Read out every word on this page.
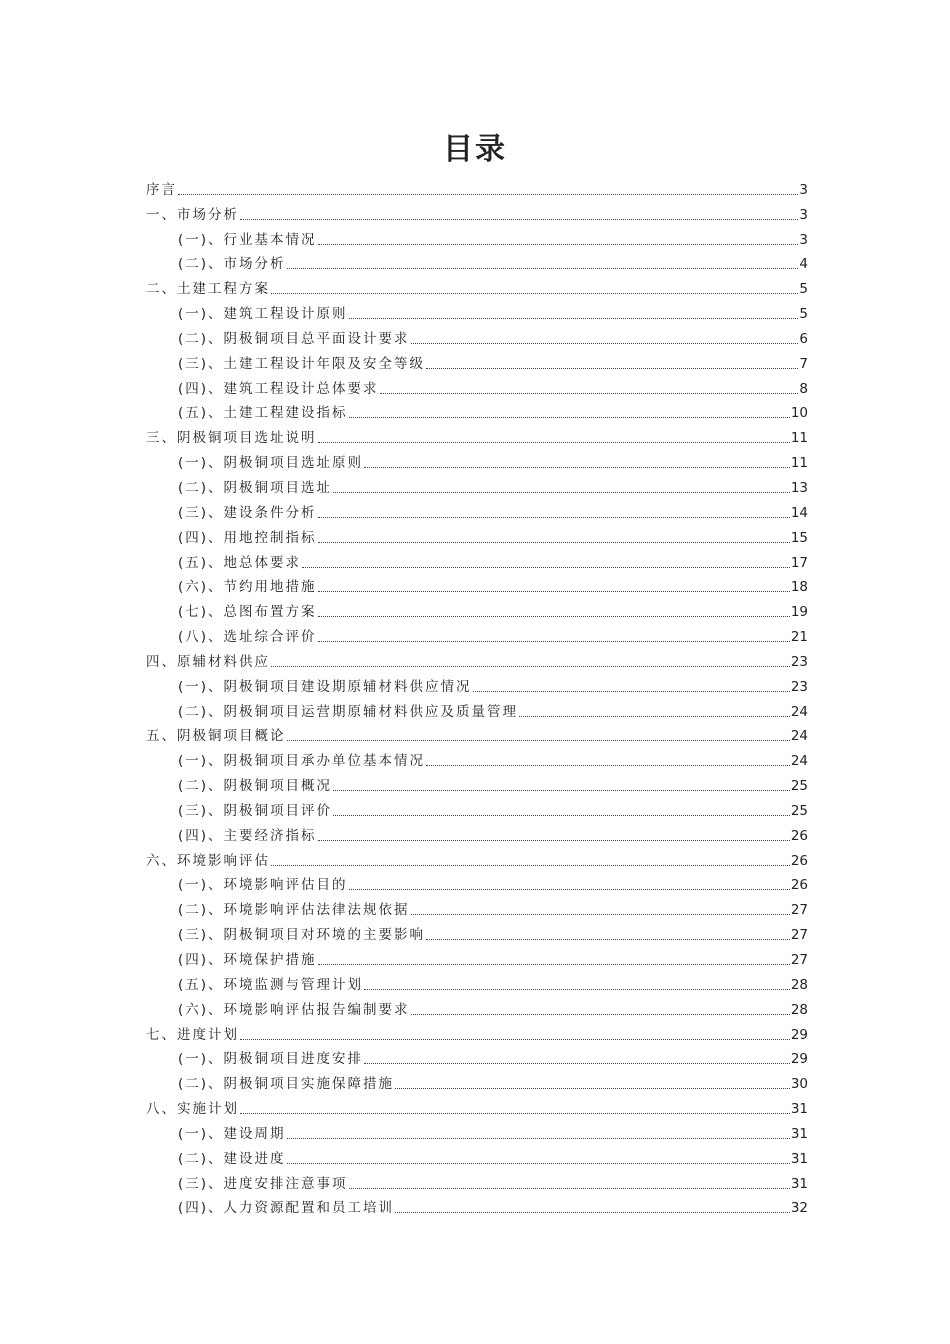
目录
序言	3
一、市场分析	3
(一)、行业基本情况	3
(二)、市场分析	4
二、土建工程方案	5
(一)、建筑工程设计原则	5
(二)、阴极铜项目总平面设计要求	6
(三)、土建工程设计年限及安全等级	7
(四)、建筑工程设计总体要求	8
(五)、土建工程建设指标	10
三、阴极铜项目选址说明	11
(一)、阴极铜项目选址原则	11
(二)、阴极铜项目选址	13
(三)、建设条件分析	14
(四)、用地控制指标	15
(五)、地总体要求	17
(六)、节约用地措施	18
(七)、总图布置方案	19
(八)、选址综合评价	21
四、原辅材料供应	23
(一)、阴极铜项目建设期原辅材料供应情况	23
(二)、阴极铜项目运营期原辅材料供应及质量管理	24
五、阴极铜项目概论	24
(一)、阴极铜项目承办单位基本情况	24
(二)、阴极铜项目概况	25
(三)、阴极铜项目评价	25
(四)、主要经济指标	26
六、环境影响评估	26
(一)、环境影响评估目的	26
(二)、环境影响评估法律法规依据	27
(三)、阴极铜项目对环境的主要影响	27
(四)、环境保护措施	27
(五)、环境监测与管理计划	28
(六)、环境影响评估报告编制要求	28
七、进度计划	29
(一)、阴极铜项目进度安排	29
(二)、阴极铜项目实施保障措施	30
八、实施计划	31
(一)、建设周期	31
(二)、建设进度	31
(三)、进度安排注意事项	31
(四)、人力资源配置和员工培训	32
